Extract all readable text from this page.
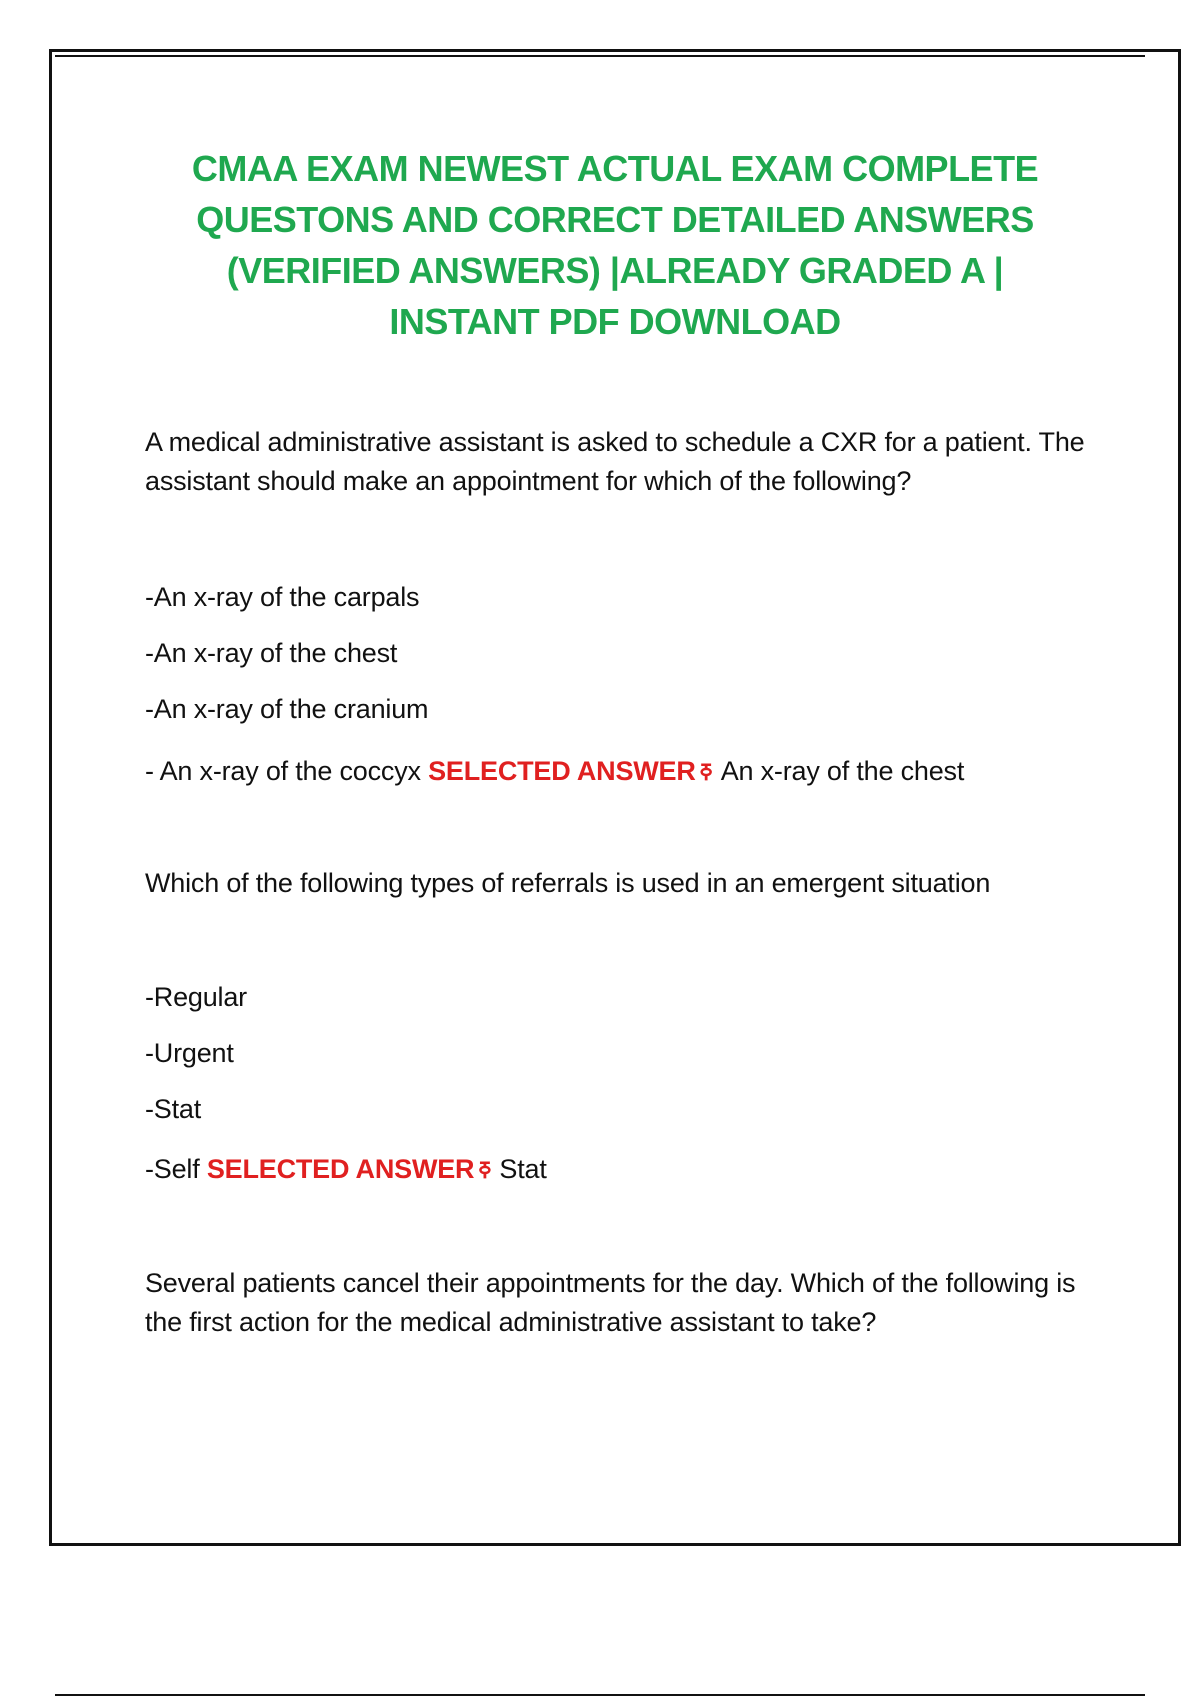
CMAA EXAM NEWEST ACTUAL EXAM COMPLETE QUESTONS AND CORRECT DETAILED ANSWERS (VERIFIED ANSWERS) |ALREADY GRADED A | INSTANT PDF DOWNLOAD

A medical administrative assistant is asked to schedule a CXR for a patient. The assistant should make an appointment for which of the following?

-An x-ray of the carpals

-An x-ray of the chest

-An x-ray of the cranium

- An x-ray of the coccyx SELECTED ANSWER ߧ An x-ray of the chest

Which of the following types of referrals is used in an emergent situation

-Regular

-Urgent

-Stat

-Self SELECTED ANSWER ߧ Stat

Several patients cancel their appointments for the day. Which of the following is the first action for the medical administrative assistant to take?
